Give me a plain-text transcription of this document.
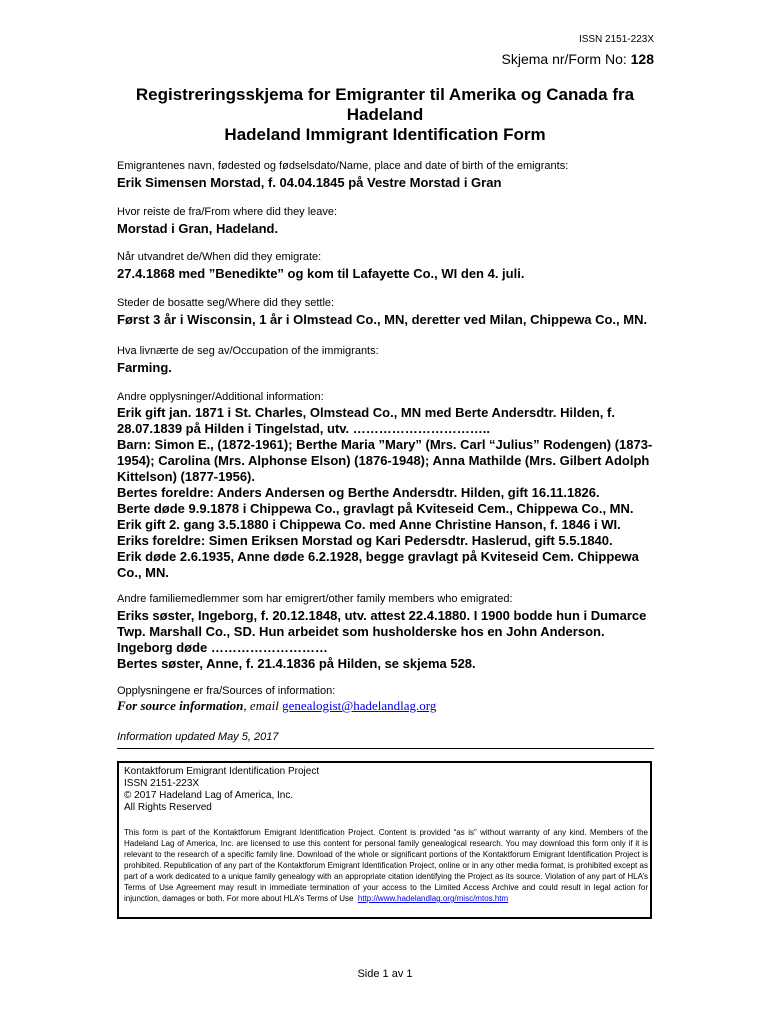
ISSN 2151-223X
Skjema nr/Form No: 128
Registreringsskjema for Emigranter til Amerika og Canada fra
Hadeland
Hadeland Immigrant Identification Form
Emigrantenes navn, fødested og fødselsdato/Name, place and date of birth of the emigrants:
Erik Simensen Morstad, f. 04.04.1845 på Vestre Morstad i Gran
Hvor reiste de fra/From where did they leave:
Morstad i Gran, Hadeland.
Når utvandret de/When did they emigrate:
27.4.1868 med ”Benedikte” og kom til Lafayette Co., WI den 4. juli.
Steder de bosatte seg/Where did they settle:
Først 3 år i Wisconsin, 1 år i Olmstead Co., MN, deretter ved Milan, Chippewa Co., MN.
Hva livnærte de seg av/Occupation of the immigrants:
Farming.
Andre opplysninger/Additional information:
Erik gift jan. 1871 i St. Charles, Olmstead Co., MN med Berte Andersdtr. Hilden, f. 28.07.1839 på Hilden i Tingelstad, utv. …………………………..
Barn: Simon E., (1872-1961); Berthe Maria ”Mary” (Mrs. Carl “Julius” Rodengen) (1873-1954); Carolina (Mrs. Alphonse Elson) (1876-1948); Anna Mathilde (Mrs. Gilbert Adolph Kittelson) (1877-1956).
Bertes foreldre: Anders Andersen og Berthe Andersdtr. Hilden, gift 16.11.1826.
Berte døde 9.9.1878 i Chippewa Co., gravlagt på Kviteseid Cem., Chippewa Co., MN.
Erik gift 2. gang 3.5.1880 i Chippewa Co. med Anne Christine Hanson, f. 1846 i WI.
Eriks foreldre: Simen Eriksen Morstad og Kari Pedersdtr. Haslerud, gift 5.5.1840.
Erik døde 2.6.1935, Anne døde 6.2.1928, begge gravlagt på Kviteseid Cem. Chippewa Co., MN.
Andre familiemedlemmer som har emigrert/other family members who emigrated:
Eriks søster, Ingeborg, f. 20.12.1848, utv. attest 22.4.1880. I 1900 bodde hun i Dumarce Twp. Marshall Co., SD. Hun arbeidet som husholderske hos en John Anderson.
Ingeborg døde ………………………
Bertes søster, Anne, f. 21.4.1836 på Hilden, se skjema 528.
Opplysningene er fra/Sources of information:
For source information, email genealogist@hadelandlag.org
Information updated May 5, 2017
Kontaktforum Emigrant Identification Project
ISSN 2151-223X
© 2017 Hadeland Lag of America, Inc.
All Rights Reserved
This form is part of the Kontaktforum Emigrant Identification Project. Content is provided “as is” without warranty of any kind. Members of the Hadeland Lag of America, Inc. are licensed to use this content for personal family genealogical research. You may download this form only if it is relevant to the research of a specific family line. Download of the whole or significant portions of the Kontaktforum Emigrant Identification Project is prohibited. Republication of any part of the Kontaktforum Emigrant Identification Project, online or in any other media format, is prohibited except as part of a work dedicated to a unique family genealogy with an appropriate citation identifying the Project as its source. Violation of any part of HLA’s Terms of Use Agreement may result in immediate termination of your access to the Limited Access Archive and could result in legal action for injunction, damages or both. For more about HLA’s Terms of Use http://www.hadelandlag.org/misc/mtos.htm
Side 1 av 1
